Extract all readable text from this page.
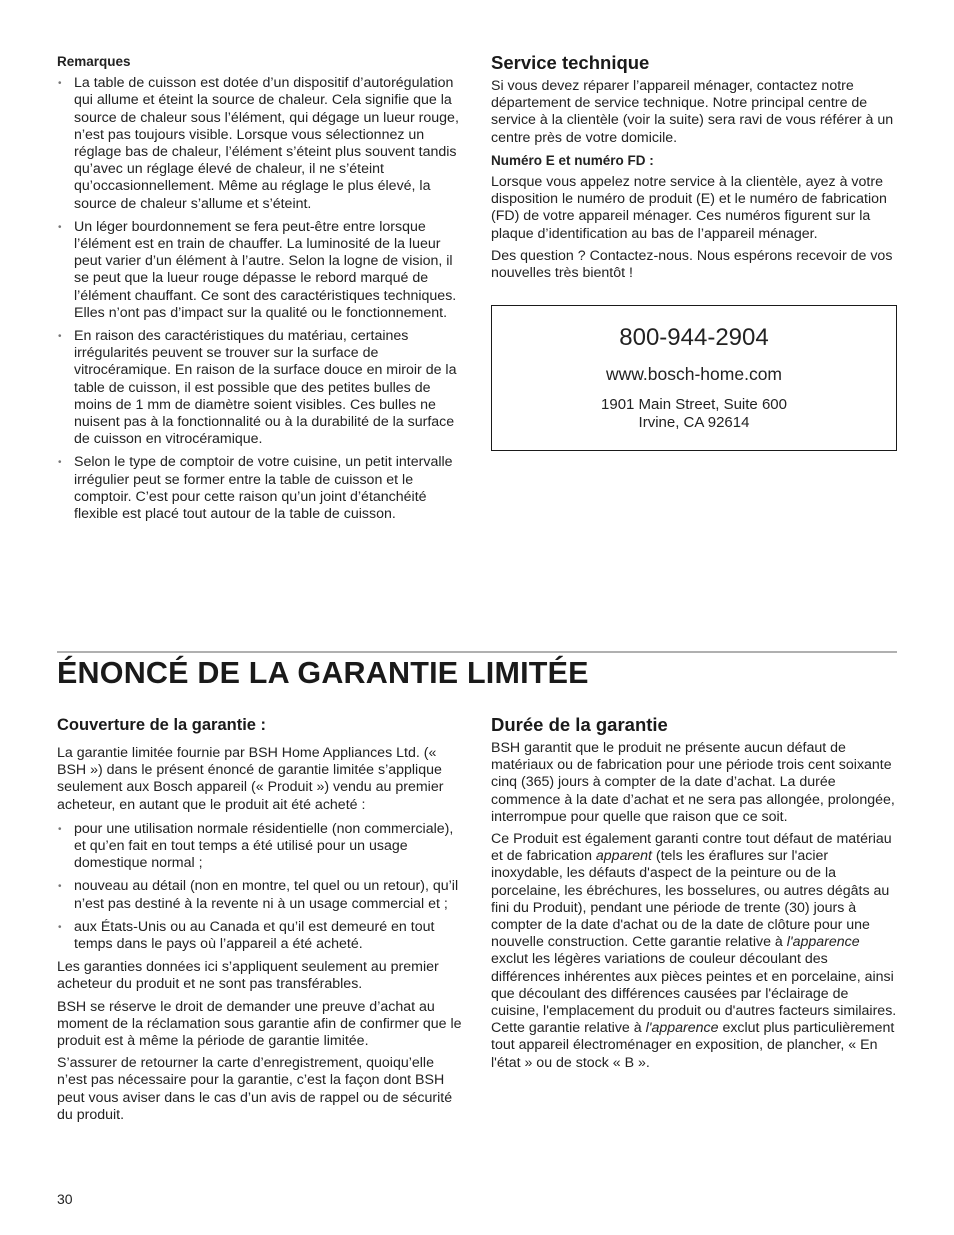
Remarques
• La table de cuisson est dotée d’un dispositif d’autorégulation qui allume et éteint la source de chaleur. Cela signifie que la source de chaleur sous l’élément, qui dégage un lueur rouge, n’est pas toujours visible. Lorsque vous sélectionnez un réglage bas de chaleur, l’élément s’éteint plus souvent tandis qu’avec un réglage élevé de chaleur, il ne s’éteint qu’occasionnellement. Même au réglage le plus élevé, la source de chaleur s’allume et s’éteint.
• Un léger bourdonnement se fera peut-être entre lorsque l’élément est en train de chauffer. La luminosité de la lueur peut varier d’un élément à l’autre. Selon la logne de vision, il se peut que la lueur rouge dépasse le rebord marqué de l’élément chauffant. Ce sont des caractéristiques techniques. Elles n’ont pas d’impact sur la qualité ou le fonctionnement.
• En raison des caractéristiques du matériau, certaines irrégularités peuvent se trouver sur la surface de vitrocéramique. En raison de la surface douce en miroir de la table de cuisson, il est possible que des petites bulles de moins de 1 mm de diamètre soient visibles. Ces bulles ne nuisent pas à la fonctionnalité ou à la durabilité de la surface de cuisson en vitrocéramique.
• Selon le type de comptoir de votre cuisine, un petit intervalle irrégulier peut se former entre la table de cuisson et le comptoir. C’est pour cette raison qu’un joint d’étanchéité flexible est placé tout autour de la table de cuisson.
Service technique

Si vous devez réparer l’appareil ménager, contactez notre département de service technique. Notre principal centre de service à la clientèle (voir la suite) sera ravi de vous référer à un centre près de votre domicile.

Numéro E et numéro FD :

Lorsque vous appelez notre service à la clientèle, ayez à votre disposition le numéro de produit (E) et le numéro de fabrication (FD) de votre appareil ménager. Ces numéros figurent sur la plaque d’identification au bas de l’appareil ménager.

Des question ? Contactez-nous. Nous espérons recevoir de vos nouvelles très bientôt !

800-944-2904
www.bosch-home.com
1901 Main Street, Suite 600
Irvine, CA 92614
ÉNONCÉ DE LA GARANTIE LIMITÉE
Couverture de la garantie :

La garantie limitée fournie par BSH Home Appliances Ltd. (« BSH ») dans le présent énoncé de garantie limitée s’applique seulement aux Bosch appareil (« Produit ») vendu au premier acheteur, en autant que le produit ait été acheté :

• pour une utilisation normale résidentielle (non commerciale), et qu’en fait en tout temps a été utilisé pour un usage domestique normal ;
• nouveau au détail (non en montre, tel quel ou un retour), qu’il n’est pas destiné à la revente ni à un usage commercial et ;
• aux États-Unis ou au Canada et qu’il est demeuré en tout temps dans le pays où l’appareil a été acheté.

Les garanties données ici s’appliquent seulement au premier acheteur du produit et ne sont pas transférables.

BSH se réserve le droit de demander une preuve d’achat au moment de la réclamation sous garantie afin de confirmer que le produit est à même la période de garantie limitée.

S’assurer de retourner la carte d’enregistrement, quoiqu’elle n’est pas nécessaire pour la garantie, c’est la façon dont BSH peut vous aviser dans le cas d’un avis de rappel ou de sécurité du produit.

Durée de la garantie

BSH garantit que le produit ne présente aucun défaut de matériaux ou de fabrication pour une période trois cent soixante cinq (365) jours à compter de la date d’achat. La durée commence à la date d’achat et ne sera pas allongée, prolongée, interrompue pour quelle que raison que ce soit.

Ce Produit est également garanti contre tout défaut de matériau et de fabrication apparent (tels les éraflures sur l'acier inoxydable, les défauts d'aspect de la peinture ou de la porcelaine, les ébréchures, les bosselures, ou autres dégâts au fini du Produit), pendant une période de trente (30) jours à compter de la date d'achat ou de la date de clôture pour une nouvelle construction. Cette garantie relative à l'apparence exclut les légères variations de couleur découlant des différences inhérentes aux pièces peintes et en porcelaine, ainsi que découlant des différences causées par l'éclairage de cuisine, l'emplacement du produit ou d'autres facteurs similaires. Cette garantie relative à l'apparence exclut plus particulièrement tout appareil électroménager en exposition, de plancher, « En l'état » ou de stock « B ».

30
